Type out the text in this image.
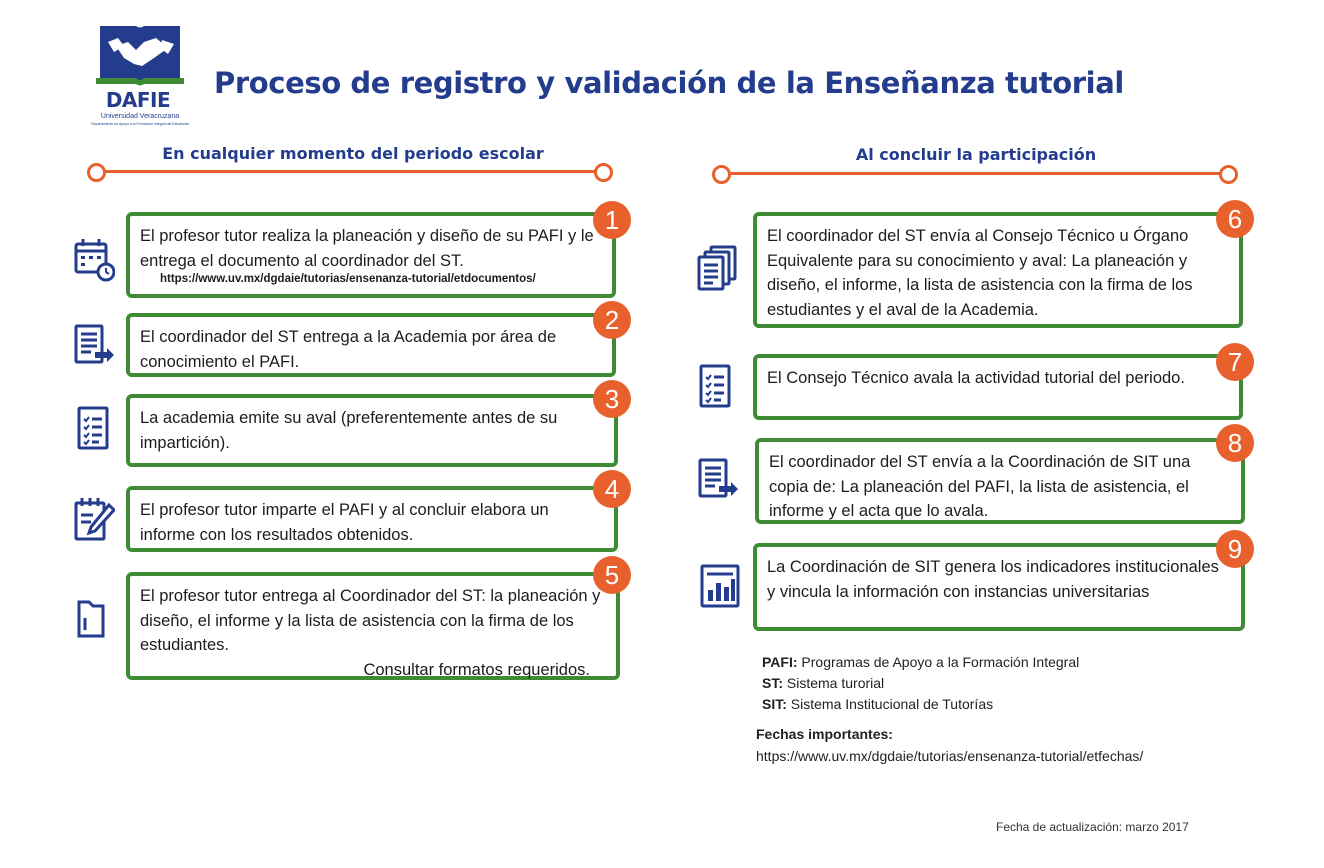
DAFIE
Universidad Veracruzana
Departamento de Apoyo a la Formación Integral del Estudiante
Proceso de registro y validación de la Enseñanza tutorial
En cualquier momento del periodo escolar	Al concluir la participación
El profesor tutor realiza la planeación y diseño de su PAFI y le entrega el documento al coordinador del ST.
https://www.uv.mx/dgdaie/tutorias/ensenanza-tutorial/etdocumentos/
1
El coordinador del ST entrega a la Academia por área de conocimiento el PAFI.
2
La academia emite su aval (preferentemente antes de su impartición).
3
El profesor tutor imparte el PAFI y al concluir elabora un informe con los resultados obtenidos.
4
El profesor tutor entrega al Coordinador del ST: la planeación y diseño, el informe y la lista de asistencia con la firma de los estudiantes.
Consultar formatos requeridos.
5
El coordinador del ST envía al Consejo Técnico u Órgano Equivalente para su conocimiento y aval: La planeación y diseño, el informe, la lista de asistencia con la firma de los estudiantes y el aval de la Academia.
6
El Consejo Técnico avala la actividad tutorial del periodo.
7
El coordinador del ST envía a la Coordinación de SIT una copia de: La planeación del PAFI, la lista de asistencia, el informe y el acta que lo avala.
8
La Coordinación de SIT genera los indicadores institucionales y vincula la información con instancias universitarias
9
PAFI: Programas de Apoyo a la Formación Integral
ST: Sistema turorial
SIT: Sistema Institucional de Tutorías
Fechas importantes:
https://www.uv.mx/dgdaie/tutorias/ensenanza-tutorial/etfechas/
Fecha de actualización: marzo 2017
